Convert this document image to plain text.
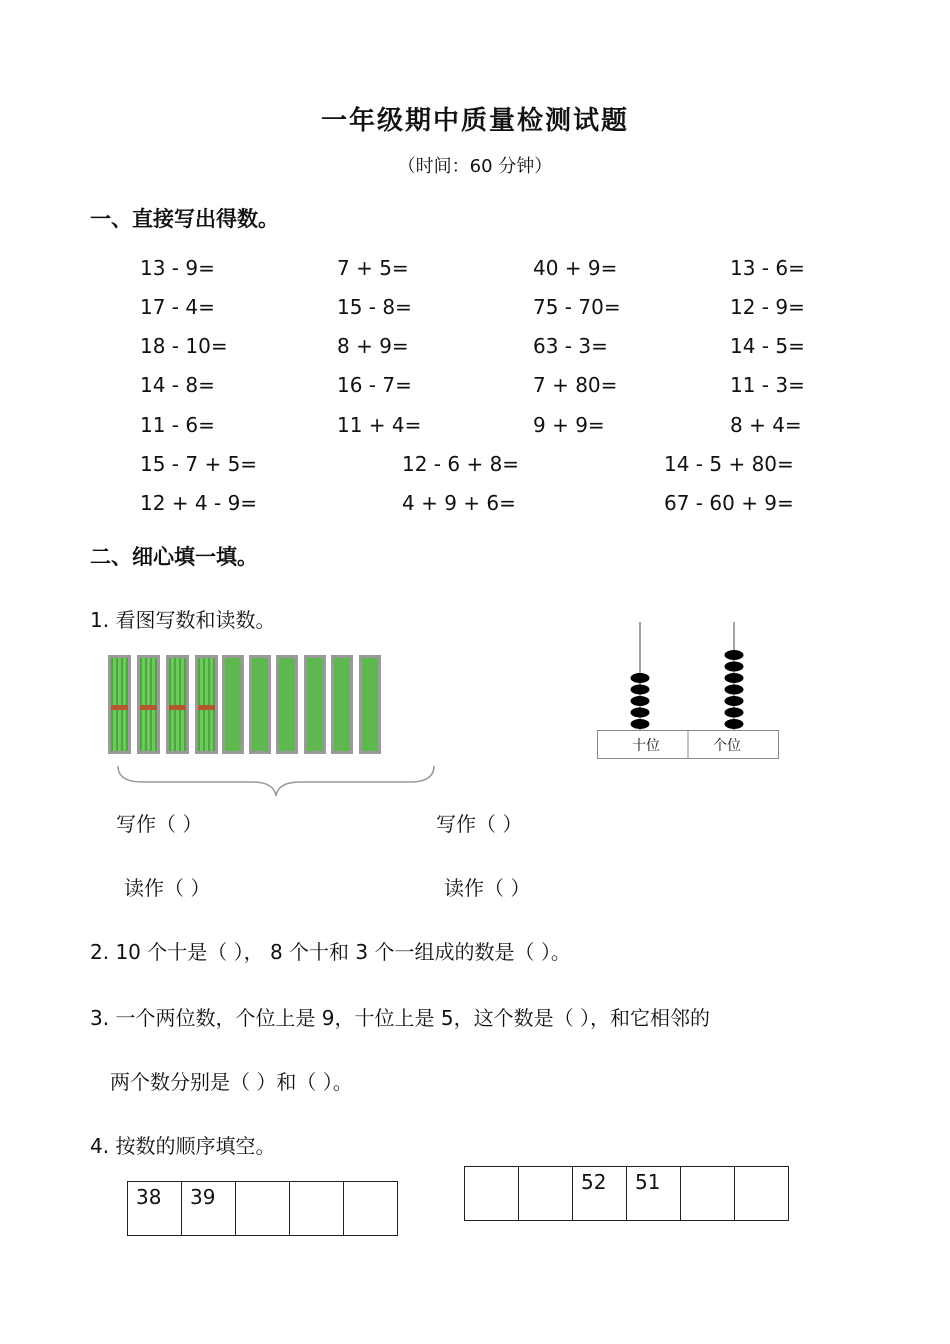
一年级期中质量检测试题
（时间：60 分钟）
一、直接写出得数。
13 - 9=	7 + 5=	40 + 9=	13 - 6=
17 - 4=	15 - 8=	75 - 70=	12 - 9=
18 - 10=	8 + 9=	63 - 3=	14 - 5=
14 - 8=	16 - 7=	7 + 80=	11 - 3=
11 - 6=	11 + 4=	9 + 9=	8 + 4=
15 - 7 + 5=	12 - 6 + 8=	14 - 5 + 80=
12 + 4 - 9=	4 + 9 + 6=	67 - 60 + 9=
二、细心填一填。
1. 看图写数和读数。
十位	个位
写作（ ）
读作（ ）
写作（ ）
读作（ ）
2. 10 个十是（ ）， 8 个十和 3 个一组成的数是（ ）。
3. 一个两位数，个位上是 9，十位上是 5，这个数是（ ），和它相邻的
两个数分别是（ ）和（ ）。
4. 按数的顺序填空。
38	39
52	51
